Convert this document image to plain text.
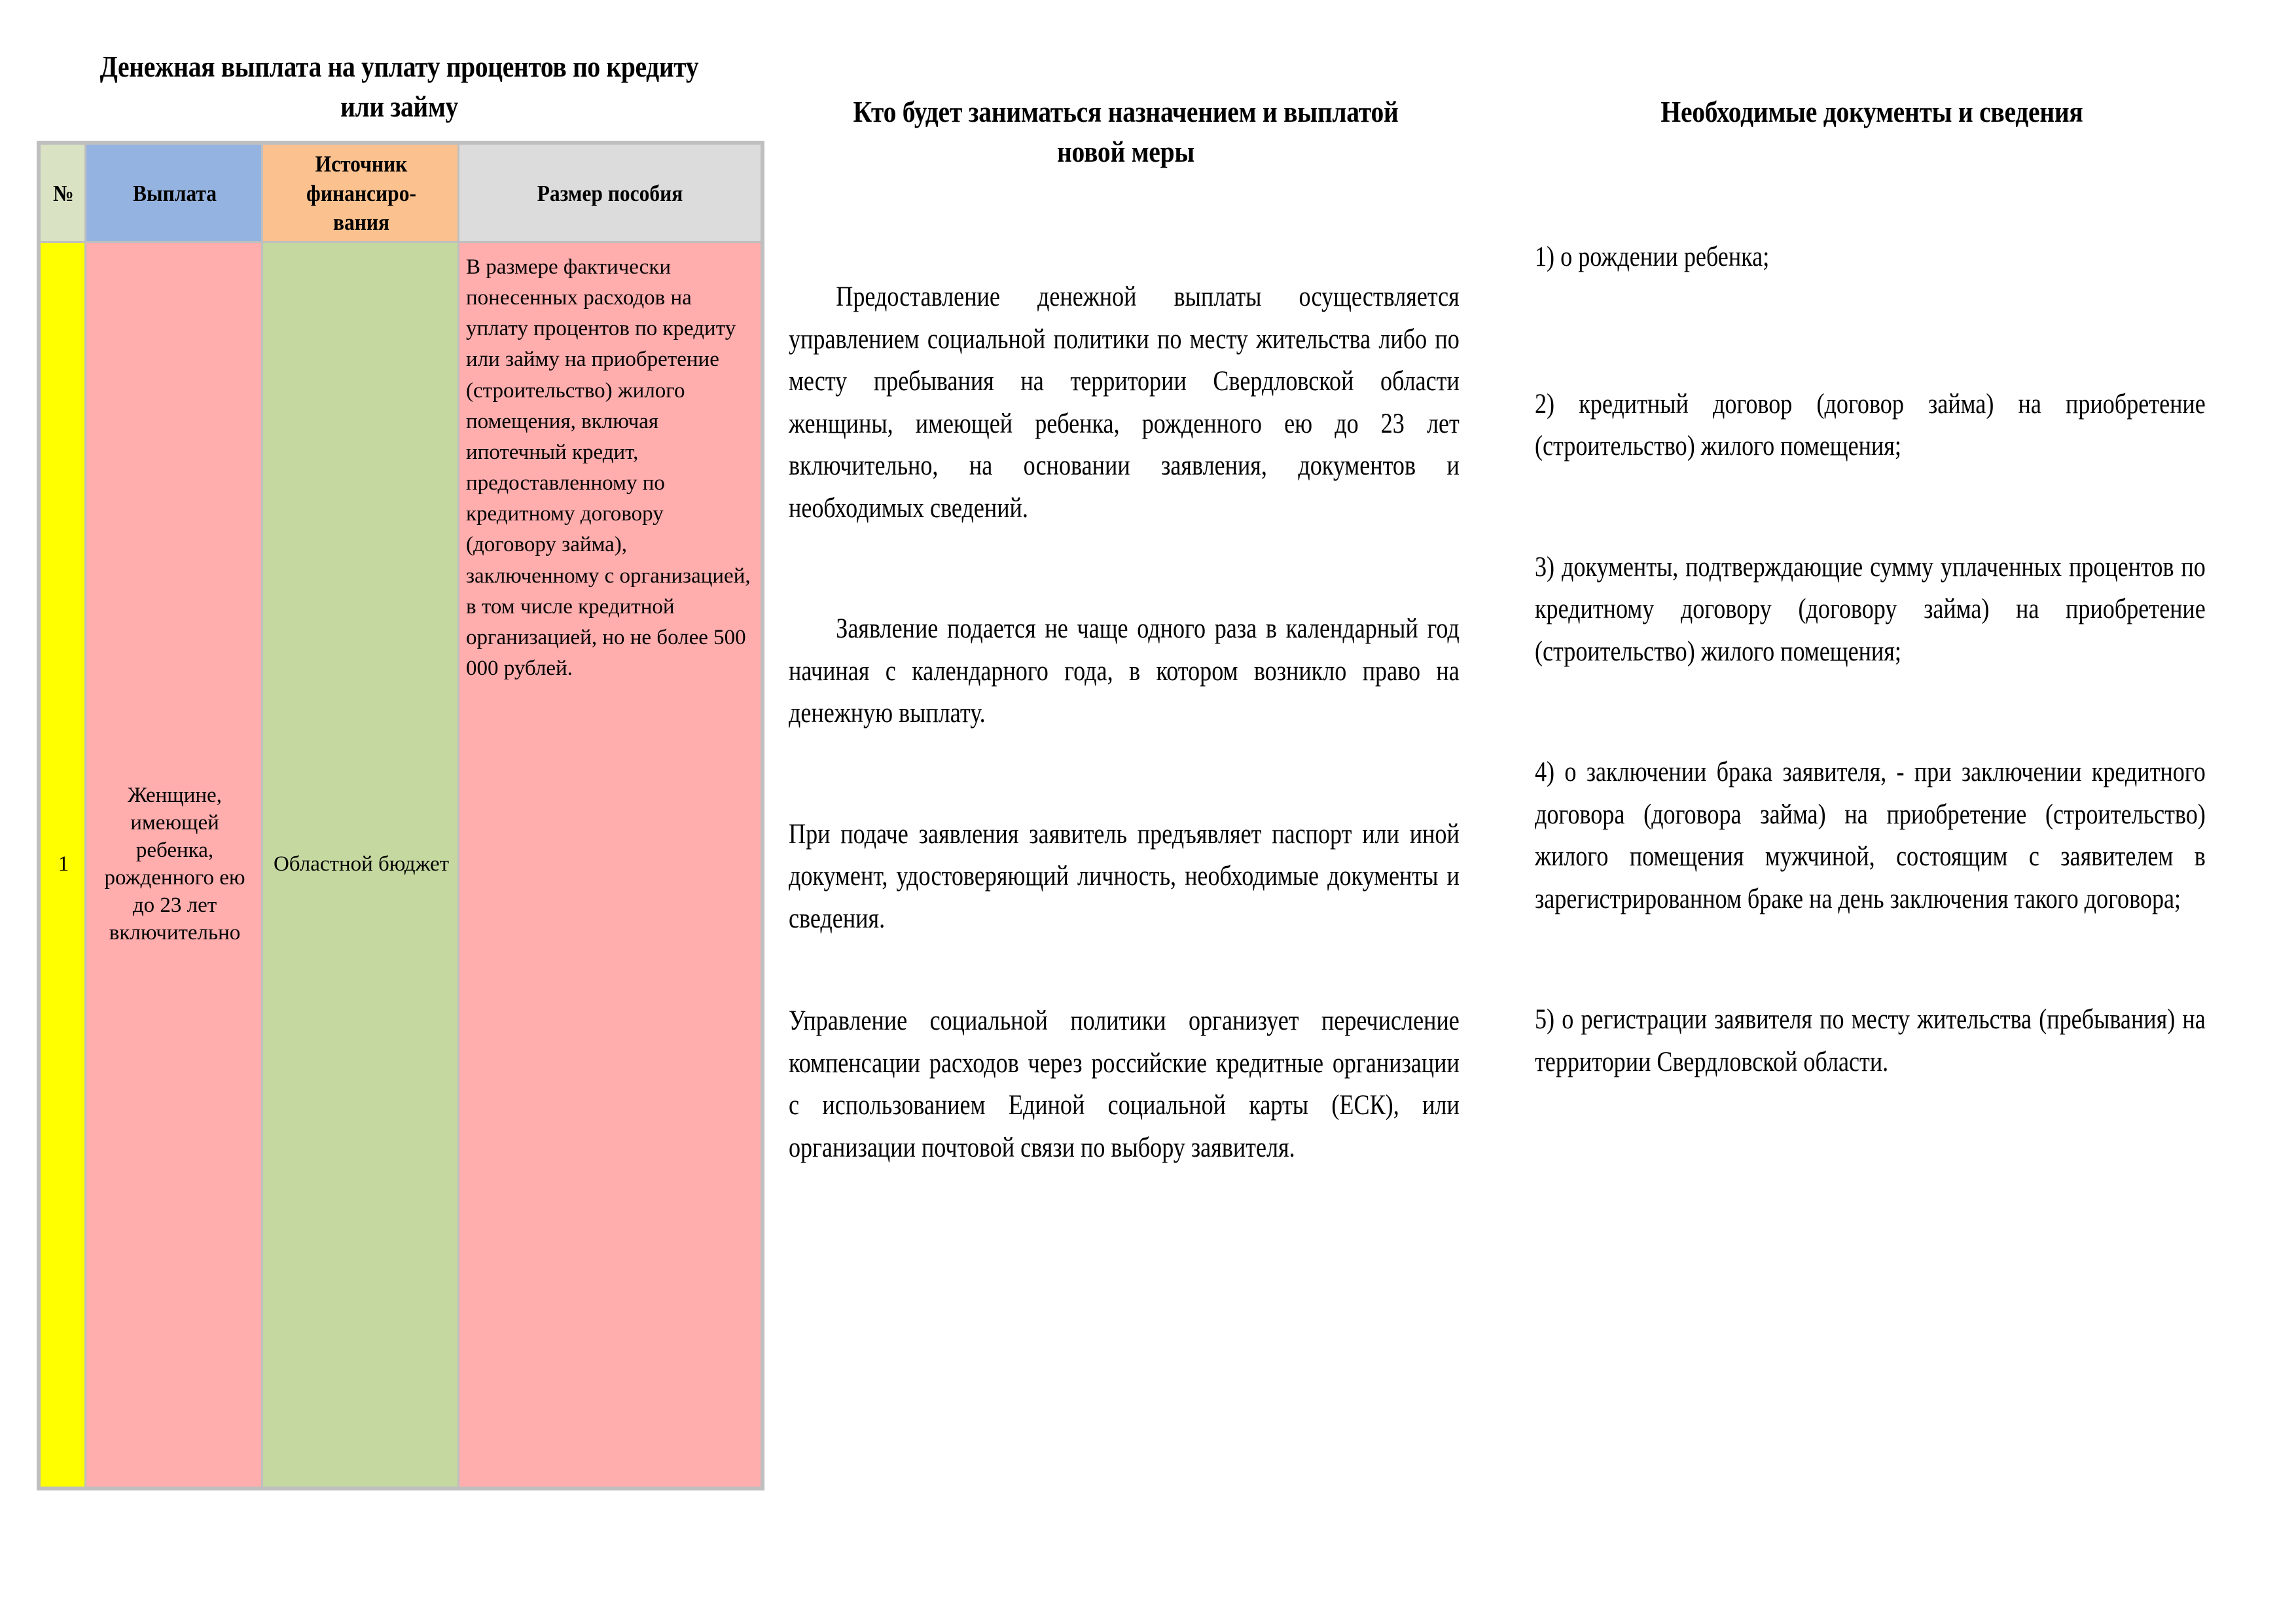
Денежная выплата на уплату процентов по кредиту или займу
№	Выплата	Источник финансиро-вания	Размер пособия

1	Женщине, имеющей ребенка, рожденного ею до 23 лет включительно	Областной бюджет	В размере фактически понесенных расходов на уплату процентов по кредиту или займу на приобретение (строительство) жилого помещения, включая ипотечный кредит, предоставленному по кредитному договору (договору займа), заключенному с организацией, в том числе кредитной организацией, но не более 500 000 рублей.
Кто будет заниматься назначением и выплатой новой меры

Предоставление денежной выплаты осуществляется управлением социальной политики по месту жительства либо по месту пребывания на территории Свердловской области женщины, имеющей ребенка, рожденного ею до 23 лет включительно, на основании заявления, документов и необходимых сведений.

Заявление подается не чаще одного раза в календарный год начиная с календарного года, в котором возникло право на денежную выплату.

При подаче заявления заявитель предъявляет паспорт или иной документ, удостоверяющий личность, необходимые документы и сведения.

Управление социальной политики организует перечисление компенсации расходов через российские кредитные организации с использованием Единой социальной карты (ЕСК), или организации почтовой связи по выбору заявителя.

Необходимые документы и сведения

1) о рождении ребенка;

2) кредитный договор (договор займа) на приобретение (строительство) жилого помещения;

3) документы, подтверждающие сумму уплаченных процентов по кредитному договору (договору займа) на приобретение (строительство) жилого помещения;

4) о заключении брака заявителя, - при заключении кредитного договора (договора займа) на приобретение (строительство) жилого помещения мужчиной, состоящим с заявителем в зарегистрированном браке на день заключения такого договора;

5) о регистрации заявителя по месту жительства (пребывания) на территории Свердловской области.
